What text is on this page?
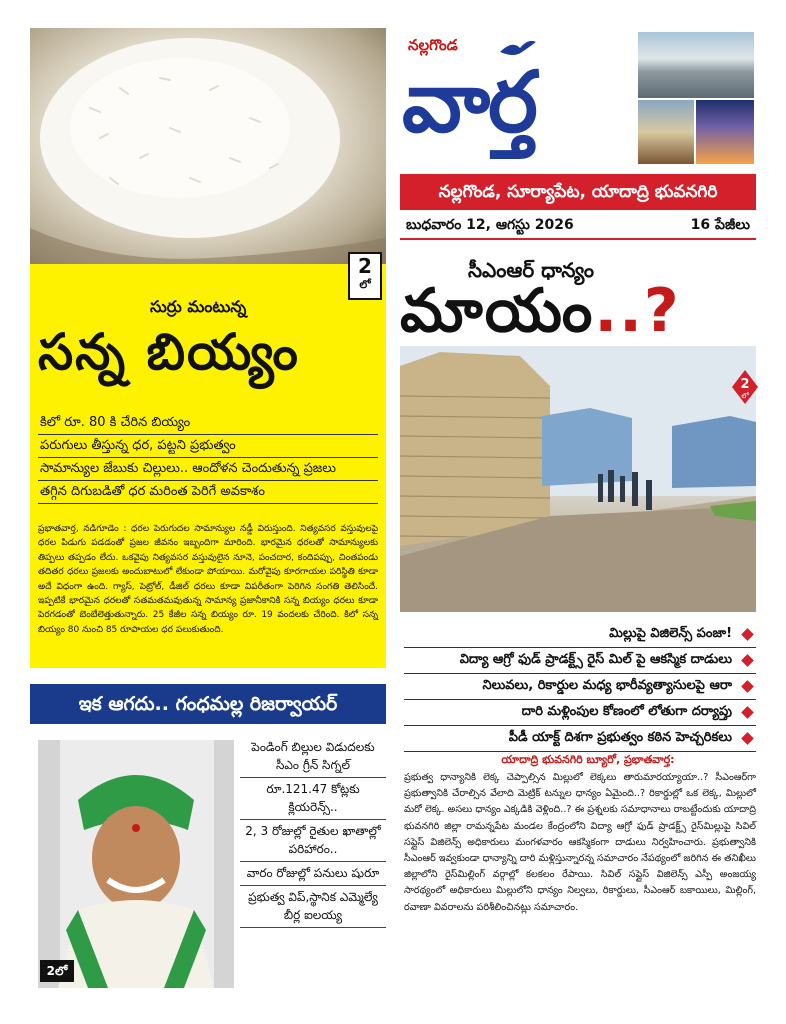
2
లో
సుర్రు మంటున్న
సన్న బియ్యం
కిలో రూ. 80 కి చేరిన బియ్యం
పరుగులు తీస్తున్న ధర, పట్టని ప్రభుత్వం
సామాన్యుల జేబుకు చిల్లులు.. ఆందోళన చెందుతున్న ప్రజలు
తగ్గిన దిగుబడితో ధర మరింత పెరిగే అవకాశం
ప్రభాతవార్త, నడిగూడెం : ధరల పెరుగుదల సామాన్యుల నడ్డీ విరుస్తుంది. నిత్యవసర వస్తువులపై ధరల పిడుగు పడడంతో ప్రజల జీవనం ఇబ్బందిగా మారింది. భారమైన ధరలతో సామాన్యులకు తిప్పలు తప్పడం లేదు. ఒకవైపు నిత్యవసర వస్తువులైన నూనె, పంచదార, కందిపప్పు, చింతపండు తదితర ధరలు ప్రజలకు అందుబాటులో లేకుండా పోయాయి. మరోవైపు కూరగాయల పరిస్థితి కూడా అదే విధంగా ఉంది. గ్యాస్, పెట్రోల్, డీజిల్ ధరలు కూడా విపరీతంగా పెరిగిన సంగతి తెలిసిందే. ఇప్పటికే భారమైన ధరలతో సతమతమవుతున్న సామాన్య ప్రజానీకానికి సన్న బియ్యం ధరలు కూడా పెరగడంతో బెంబేలెత్తుతున్నారు. 25 కేజీల సన్న బియ్యం రూ. 19 వందలకు చేరింది. కిలో సన్న బియ్యం 80 నుంచి 85 రూపాయల ధర పలుకుతుంది.
ఇక ఆగదు.. గంధమల్ల రిజర్వాయర్
2లో
పెండింగ్ బిల్లుల విడుదలకు సీఎం గ్రీన్ సిగ్నల్
రూ.121.47 కోట్లకు క్లియరెన్స్..
2, 3 రోజుల్లో రైతుల ఖాతాల్లో పరిహారం..
వారం రోజుల్లో పనులు షురూ
ప్రభుత్వ విప్,స్థానిక ఎమ్మెల్యే బీర్ల ఐలయ్య
నల్లగొండ
వార్త
నల్లగొండ, సూర్యాపేట, యాదాద్రి భువనగిరి
బుధవారం 12, ఆగస్టు 2026	16 పేజీలు
సీఎంఆర్ ధాన్యం
మాయం..?
2
లో
మిల్లుపై విజిలెన్స్ పంజా!
విద్యా ఆగ్రో ఫుడ్ ప్రాడక్ట్స్ రైస్ మిల్ పై ఆకస్మిక దాడులు
నిలువలు, రికార్డుల మధ్య భారీవ్యత్యాసులపై ఆరా
దారి మళ్లింపుల కోణంలో లోతుగా దర్యాప్తు
పీడీ యాక్ట్ దిశగా ప్రభుత్వం కఠిన హెచ్చరికలు
యాదాద్రి భువనగిరి బ్యూరో, ప్రభాతవార్త:
ప్రభుత్వ ధాన్యానికి లెక్క చెప్పాల్సిన మిల్లులో లెక్కలు తారుమారయ్యాయా..? సీఎంఆర్‌గా ప్రభుత్వానికి చేరాల్సిన వేలాది మెట్రిక్ టన్నుల ధాన్యం ఏమైంది..? రికార్డుల్లో ఒక లెక్క, మిల్లులో మరో లెక్క. అసలు ధాన్యం ఎక్కడికి వెళ్లింది..? ఈ ప్రశ్నలకు సమాధానాలు రాబట్టేందుకు యాదాద్రి భువనగిరి జిల్లా రామన్నపేట మండల కేంద్రంలోని విద్యా ఆగ్రో ఫుడ్ ప్రాడక్ట్స్ రైస్‌మిల్లుపై సివిల్ సప్లైస్ విజిలెన్స్ అధికారులు మంగళవారం ఆకస్మికంగా దాడులు నిర్వహించారు. ప్రభుత్వానికి సీఎంఆర్ ఇవ్వకుండా ధాన్యాన్ని దారి మళ్లిస్తున్నారన్న సమాచారం నేపథ్యంలో జరిగిన ఈ తనిఖీలు జిల్లాలోని రైస్‌మిల్లింగ్ వర్గాల్లో కలకలం రేపాయి. సివిల్ సప్లైస్ విజిలెన్స్ ఎస్పీ అంజయ్య సారథ్యంలో అధికారులు మిల్లులోని ధాన్యం నిల్వలు, రికార్డులు, సీఎంఆర్ బకాయిలు, మిల్లింగ్, రవాణా వివరాలను పరిశీలించినట్లు సమాచారం.
